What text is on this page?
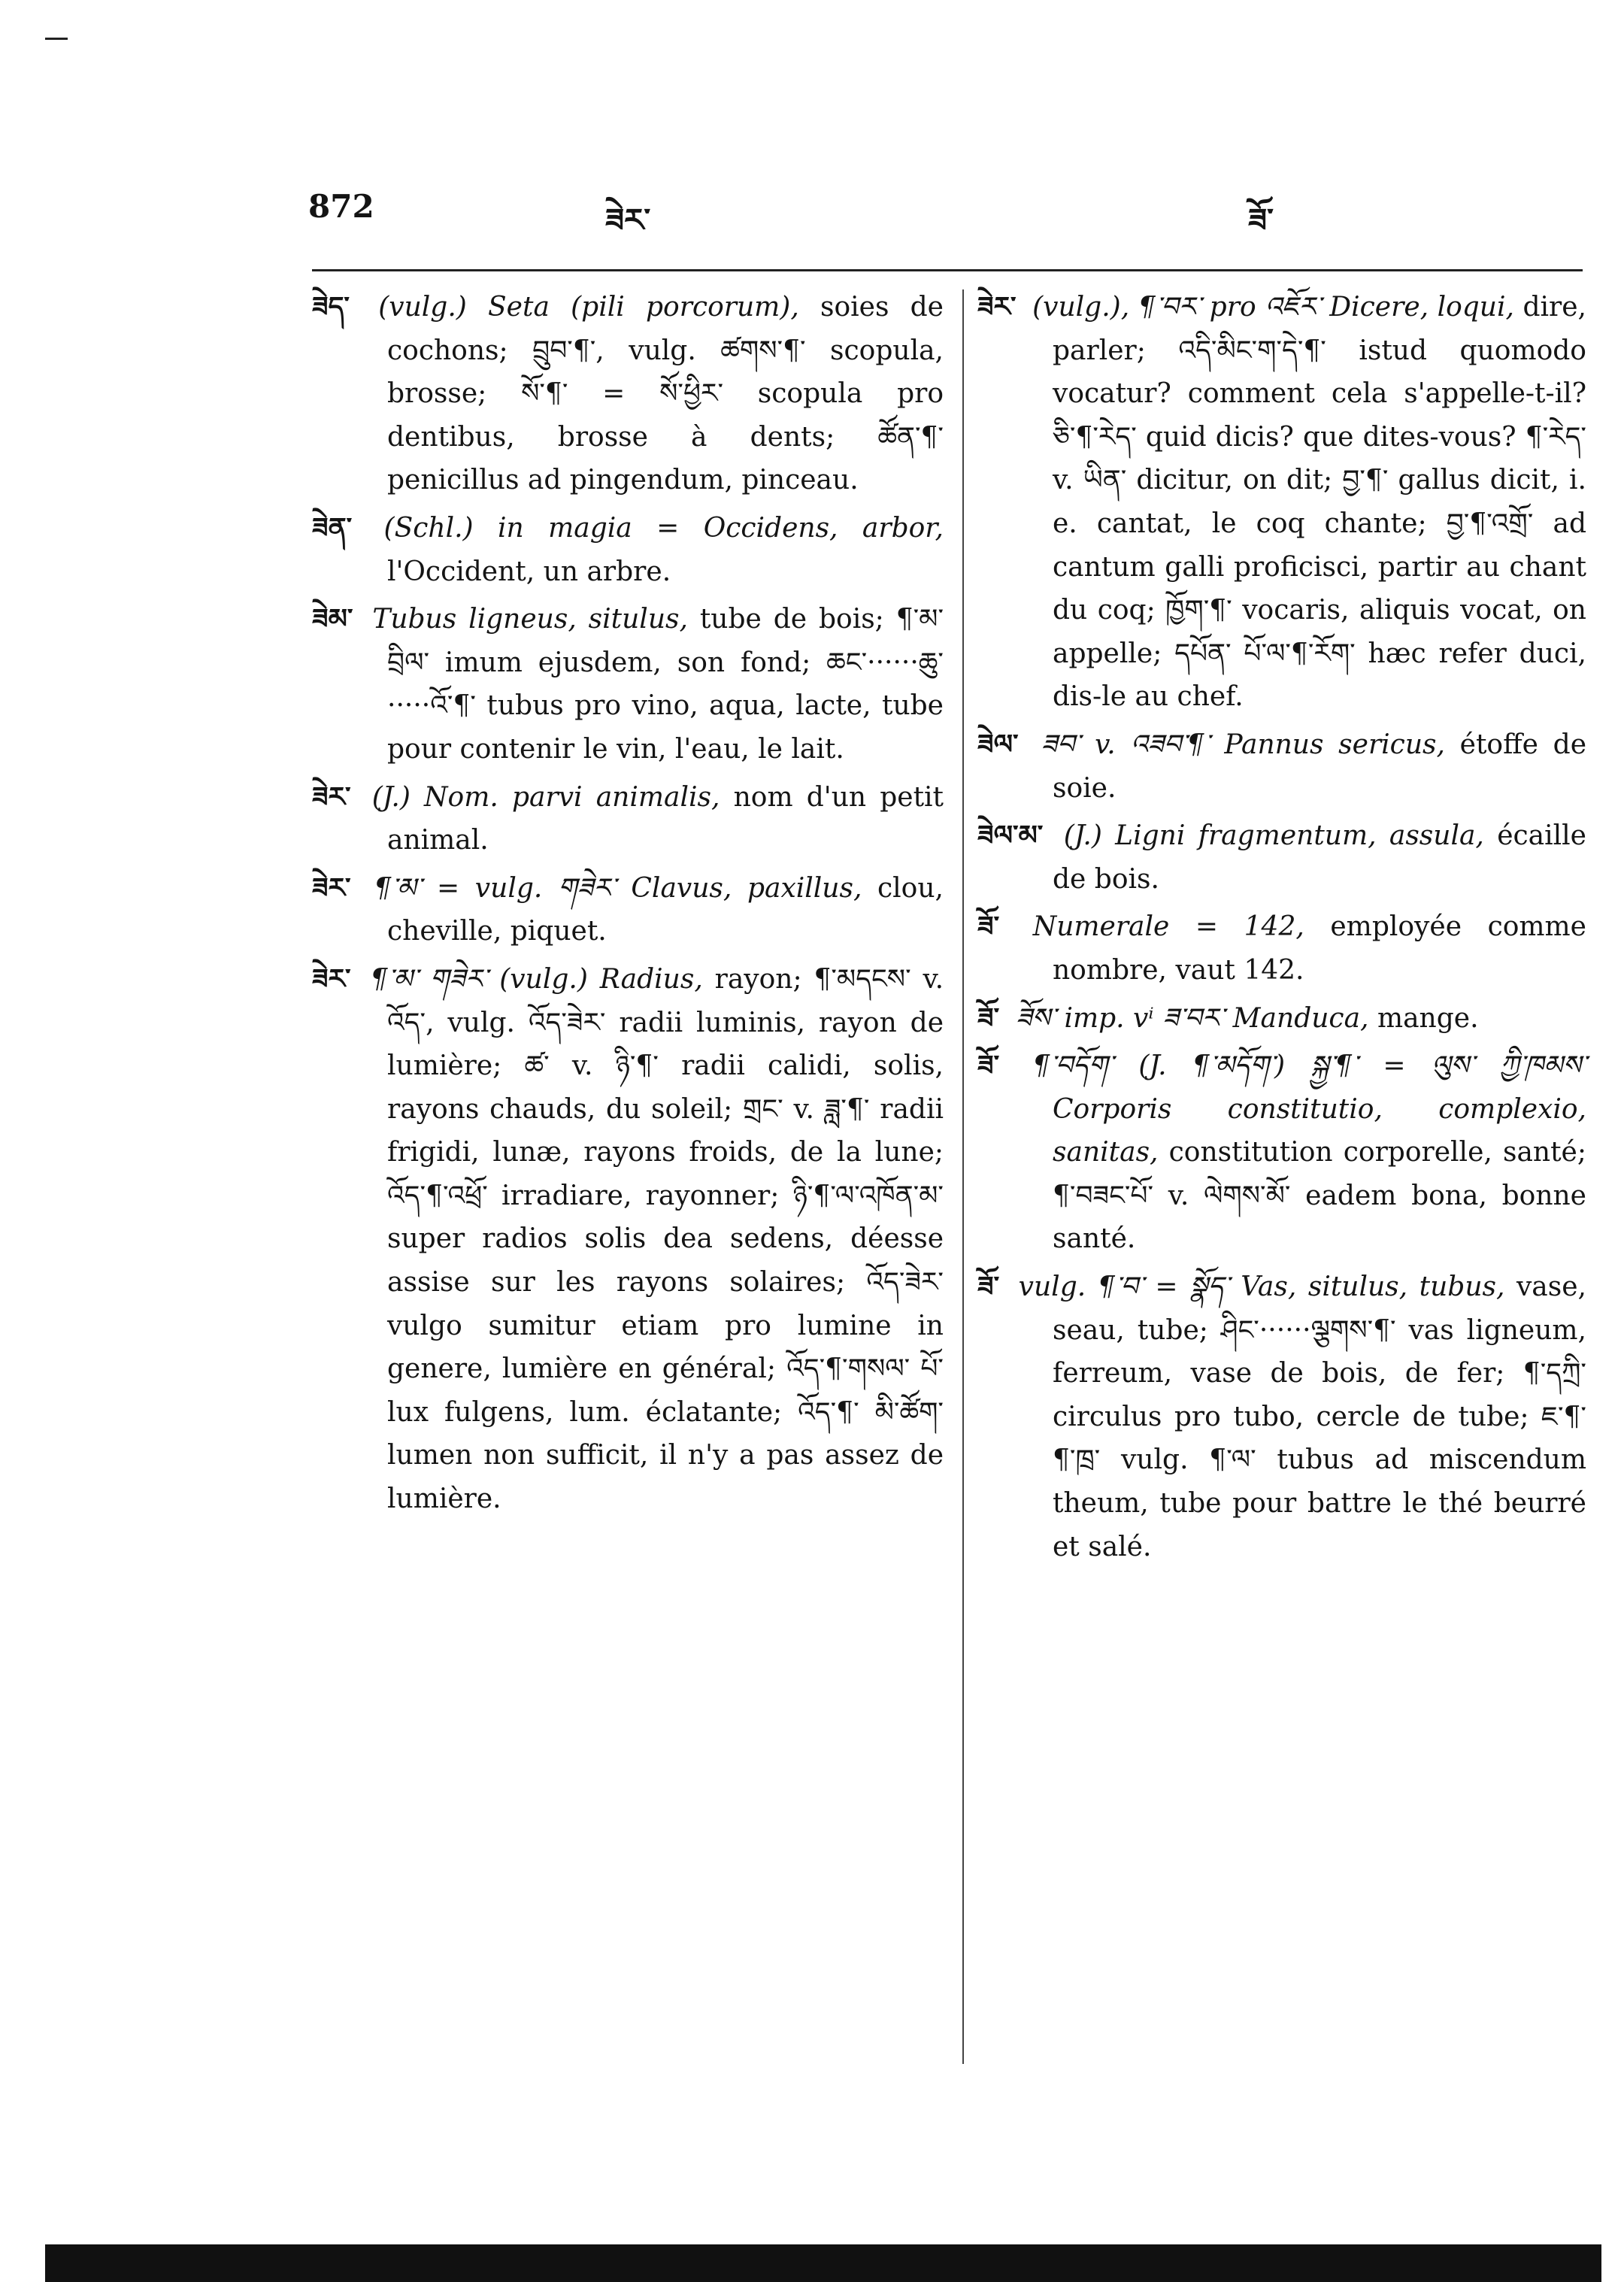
872	ཟེར་	ཟོ་

ཟེད་ (vulg.) Seta (pili porcorum), soies de cochons; བྲུབ་¶་, vulg. ཚགས་¶་ scopula, brosse; སོ་¶་ = སོ་ཕྱིར་ scopula pro dentibus, brosse à dents; ཚོན་¶་ penicillus ad pingendum, pinceau.

ཟེན་ (Schl.) in magia = Occidens, arbor, l'Occident, un arbre.

ཟེམ་ Tubus ligneus, situlus, tube de bois; ¶་མ་བྲིལ་ imum ejusdem, son fond; ཆང་······ཆུ་·····འོ་¶་ tubus pro vino, aqua, lacte, tube pour contenir le vin, l'eau, le lait.

ཟེར་ (J.) Nom. parvi animalis, nom d'un petit animal.

ཟེར་ ¶་མ་ = vulg. གཟེར་ Clavus, paxillus, clou, cheville, piquet.

ཟེར་ ¶་མ་ གཟེར་ (vulg.) Radius, rayon; ¶་མདངས་ v. འོད་, vulg. འོད་ཟེར་ radii luminis, rayon de lumière; ཚ་ v. ཉི་¶་ radii calidi, solis, rayons chauds, du soleil; གྲང་ v. ཟླ་¶་ radii frigidi, lunæ, rayons froids, de la lune; འོད་¶་འཕྲོ་ irradiare, rayonner; ཉི་¶་ལ་འཁོན་མ་ super radios solis dea sedens, déesse assise sur les rayons solaires; འོད་ཟེར་ vulgo sumitur etiam pro lumine in genere, lumière en général; འོད་¶་གསལ་ པོ་ lux fulgens, lum. éclatante; འོད་¶་ མི་ཚོག་ lumen non sufficit, il n'y a pas assez de lumière.

ཟེར་ (vulg.), ¶་བར་ pro འཇོར་ Dicere, loqui, dire, parler; འདི་མིང་ག་དེ་¶་ istud quomodo vocatur? comment cela s'appelle-t-il? ཅི་¶་རེད་ quid dicis? que dites-vous? ¶་རེད་ v. ཡིན་ dicitur, on dit; བྱ་¶་ gallus dicit, i. e. cantat, le coq chante; བྱ་¶་འགྲོ་ ad cantum galli proficisci, partir au chant du coq; ཁྱོག་¶་ vocaris, aliquis vocat, on appelle; དཔོན་ པོ་ལ་¶་རོག་ hæc refer duci, dis-le au chef.

ཟེལ་ ཟབ་ v. འཟབ་¶་ Pannus sericus, étoffe de soie.

ཟེལ་མ་ (J.) Ligni fragmentum, assula, écaille de bois.

ཟོ་ Numerale = 142, employée comme nombre, vaut 142.

ཟོ་ ཟོས་ imp. vⁱ ཟ་བར་ Manduca, mange.

ཟོ་ ¶་བདོག་ (J. ¶་མདོག་) སྐྱ་¶་ = ལུས་ ཀྱི་ཁམས་ Corporis constitutio, complexio, sanitas, constitution corporelle, santé; ¶་བཟང་པོ་ v. ལེགས་མོ་ eadem bona, bonne santé.

ཟོ་ vulg. ¶་བ་ = སྣོད་ Vas, situlus, tubus, vase, seau, tube; ཤིང་······ལྕགས་¶་ vas ligneum, ferreum, vase de bois, de fer; ¶་དཀྲི་ circulus pro tubo, cercle de tube; ཇ་¶་ ¶་ཁྲ་ vulg. ¶་ལ་ tubus ad miscendum theum, tube pour battre le thé beurré et salé.
